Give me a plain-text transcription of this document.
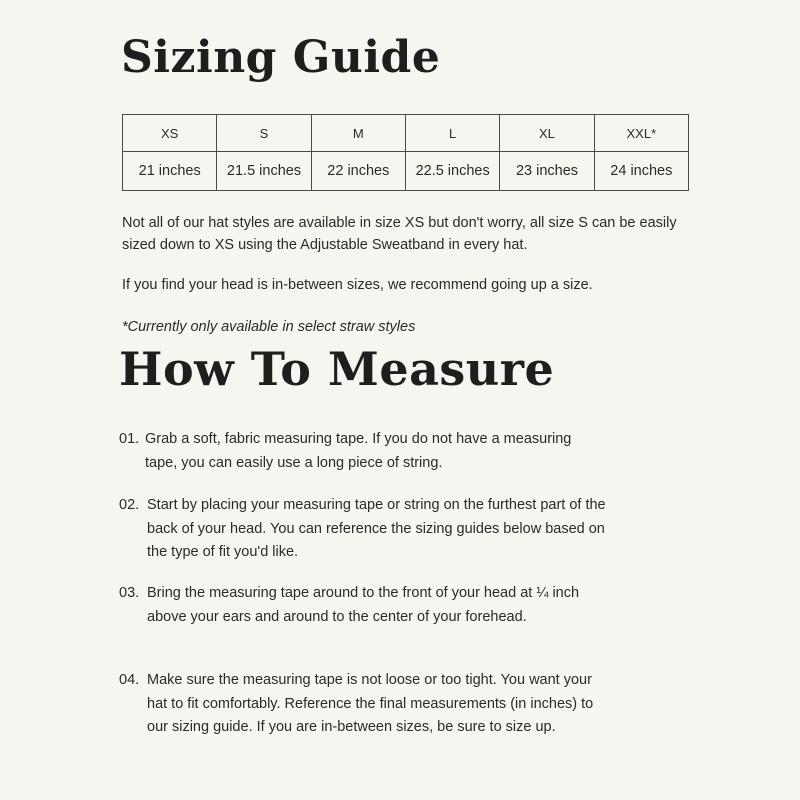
Sizing Guide
XS	S	M	L	XL	XXL*
21 inches	21.5 inches	22 inches	22.5 inches	23 inches	24 inches

Not all of our hat styles are available in size XS but don't worry, all size S can be easily sized down to XS using the Adjustable Sweatband in every hat.

If you find your head is in-between sizes, we recommend going up a size.

*Currently only available in select straw styles

How To Measure
01. Grab a soft, fabric measuring tape. If you do not have a measuring tape, you can easily use a long piece of string.
02. Start by placing your measuring tape or string on the furthest part of the back of your head. You can reference the sizing guides below based on the type of fit you'd like.
03. Bring the measuring tape around to the front of your head at ¼ inch above your ears and around to the center of your forehead.
04. Make sure the measuring tape is not loose or too tight. You want your hat to fit comfortably. Reference the final measurements (in inches) to our sizing guide. If you are in-between sizes, be sure to size up.
